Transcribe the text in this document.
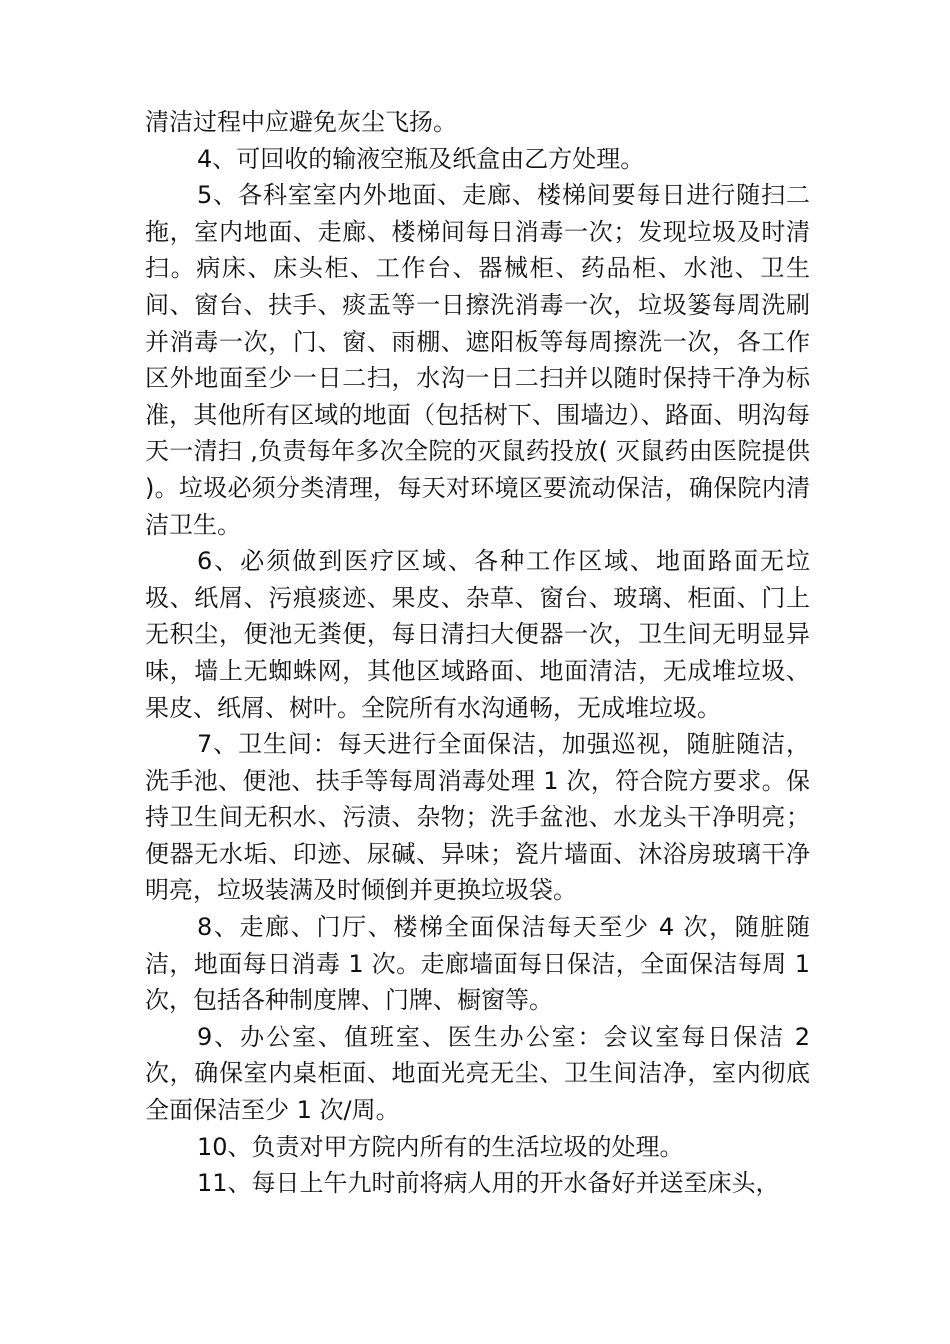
清洁过程中应避免灰尘飞扬。

4、可回收的输液空瓶及纸盒由乙方处理。

5、各科室室内外地面、走廊、楼梯间要每日进行随扫二拖，室内地面、走廊、楼梯间每日消毒一次；发现垃圾及时清扫。病床、床头柜、工作台、器械柜、药品柜、水池、卫生间、窗台、扶手、痰盂等一日擦洗消毒一次，垃圾篓每周洗刷并消毒一次，门、窗、雨棚、遮阳板等每周擦洗一次，各工作区外地面至少一日二扫，水沟一日二扫并以随时保持干净为标准，其他所有区域的地面（包括树下、围墙边）、路面、明沟每天一清扫 ,负责每年多次全院的灭鼠药投放( 灭鼠药由医院提供 )。垃圾必须分类清理，每天对环境区要流动保洁，确保院内清洁卫生。

6、必须做到医疗区域、各种工作区域、地面路面无垃圾、纸屑、污痕痰迹、果皮、杂草、窗台、玻璃、柜面、门上无积尘，便池无粪便，每日清扫大便器一次，卫生间无明显异味，墙上无蜘蛛网，其他区域路面、地面清洁，无成堆垃圾、果皮、纸屑、树叶。全院所有水沟通畅，无成堆垃圾。

7、卫生间：每天进行全面保洁，加强巡视，随脏随洁，洗手池、便池、扶手等每周消毒处理 1 次，符合院方要求。保持卫生间无积水、污渍、杂物；洗手盆池、水龙头干净明亮；便器无水垢、印迹、尿碱、异味；瓷片墙面、沐浴房玻璃干净明亮，垃圾装满及时倾倒并更换垃圾袋。

8、走廊、门厅、楼梯全面保洁每天至少 4 次，随脏随洁，地面每日消毒 1 次。走廊墙面每日保洁，全面保洁每周 1 次，包括各种制度牌、门牌、橱窗等。

9、办公室、值班室、医生办公室：会议室每日保洁 2 次，确保室内桌柜面、地面光亮无尘、卫生间洁净，室内彻底全面保洁至少 1 次/周。

10、负责对甲方院内所有的生活垃圾的处理。

11、每日上午九时前将病人用的开水备好并送至床头，
